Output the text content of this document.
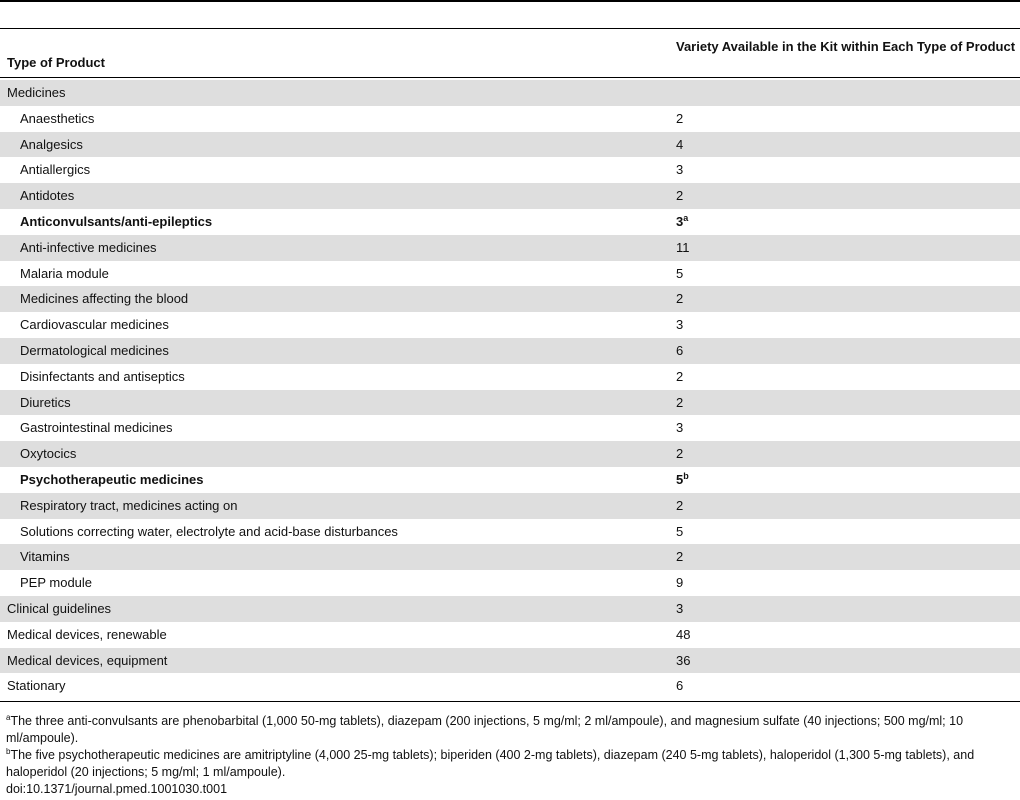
Type of Product
Variety Available in the Kit within Each Type of Product
Medicines
Anaesthetics	2
Analgesics	4
Antiallergics	3
Antidotes	2
Anticonvulsants/anti-epileptics	3$^a$
Anti-infective medicines	11
Malaria module	5
Medicines affecting the blood	2
Cardiovascular medicines	3
Dermatological medicines	6
Disinfectants and antiseptics	2
Diuretics	2
Gastrointestinal medicines	3
Oxytocics	2
Psychotherapeutic medicines	5$^b$
Respiratory tract, medicines acting on	2
Solutions correcting water, electrolyte and acid-base disturbances	5
Vitamins	2
PEP module	9
Clinical guidelines	3
Medical devices, renewable	48
Medical devices, equipment	36
Stationary	6

$^a$The three anti-convulsants are phenobarbital (1,000 50-mg tablets), diazepam (200 injections, 5 mg/ml; 2 ml/ampoule), and magnesium sulfate (40 injections; 500 mg/ml; 10 ml/ampoule).

$^b$The five psychotherapeutic medicines are amitriptyline (4,000 25-mg tablets); biperiden (400 2-mg tablets), diazepam (240 5-mg tablets), haloperidol (1,300 5-mg tablets), and haloperidol (20 injections; 5 mg/ml; 1 ml/ampoule).

doi:10.1371/journal.pmed.1001030.t001
